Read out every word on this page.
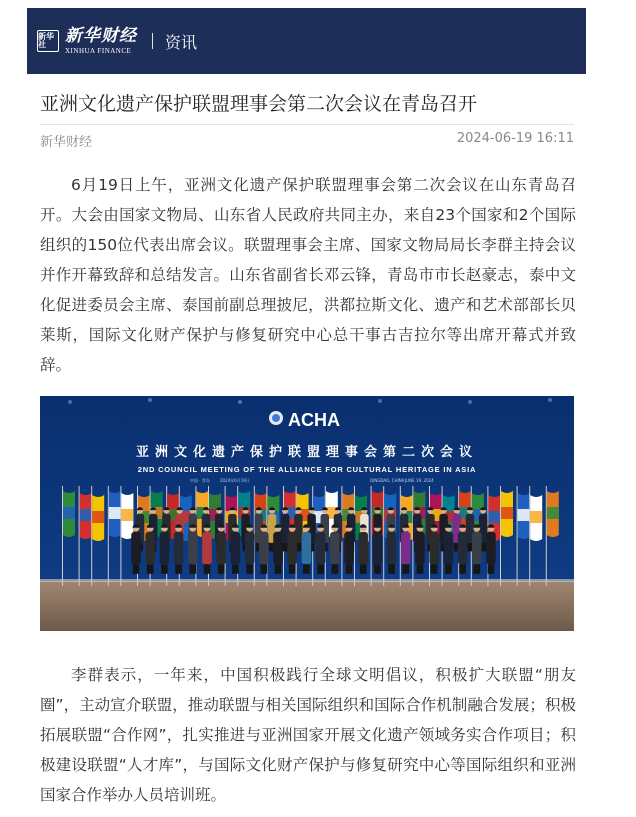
新华社	新华财经
XINHUA FINANCE	资讯
亚洲文化遗产保护联盟理事会第二次会议在青岛召开
新华财经	2024-06-19 16:11

6月19日上午，亚洲文化遗产保护联盟理事会第二次会议在山东青岛召开。大会由国家文物局、山东省人民政府共同主办，来自23个国家和2个国际组织的150位代表出席会议。联盟理事会主席、国家文物局局长李群主持会议并作开幕致辞和总结发言。山东省副省长邓云锋，青岛市市长赵豪志，泰中文化促进委员会主席、泰国前副总理披尼，洪都拉斯文化、遗产和艺术部部长贝莱斯，国际文化财产保护与修复研究中心总干事古吉拉尔等出席开幕式并致辞。

ACHA
亚洲文化遗产保护联盟理事会第二次会议
2ND COUNCIL MEETING OF THE ALLIANCE FOR CULTURAL HERITAGE IN ASIA
中国 · 青岛	2024年6月19日	QINGDAO, CHINA JUNE 19, 2024

李群表示，一年来，中国积极践行全球文明倡议，积极扩大联盟“朋友圈”，主动宣介联盟，推动联盟与相关国际组织和国际合作机制融合发展；积极拓展联盟“合作网”，扎实推进与亚洲国家开展文化遗产领域务实合作项目；积极建设联盟“人才库”，与国际文化财产保护与修复研究中心等国际组织和亚洲国家合作举办人员培训班。
